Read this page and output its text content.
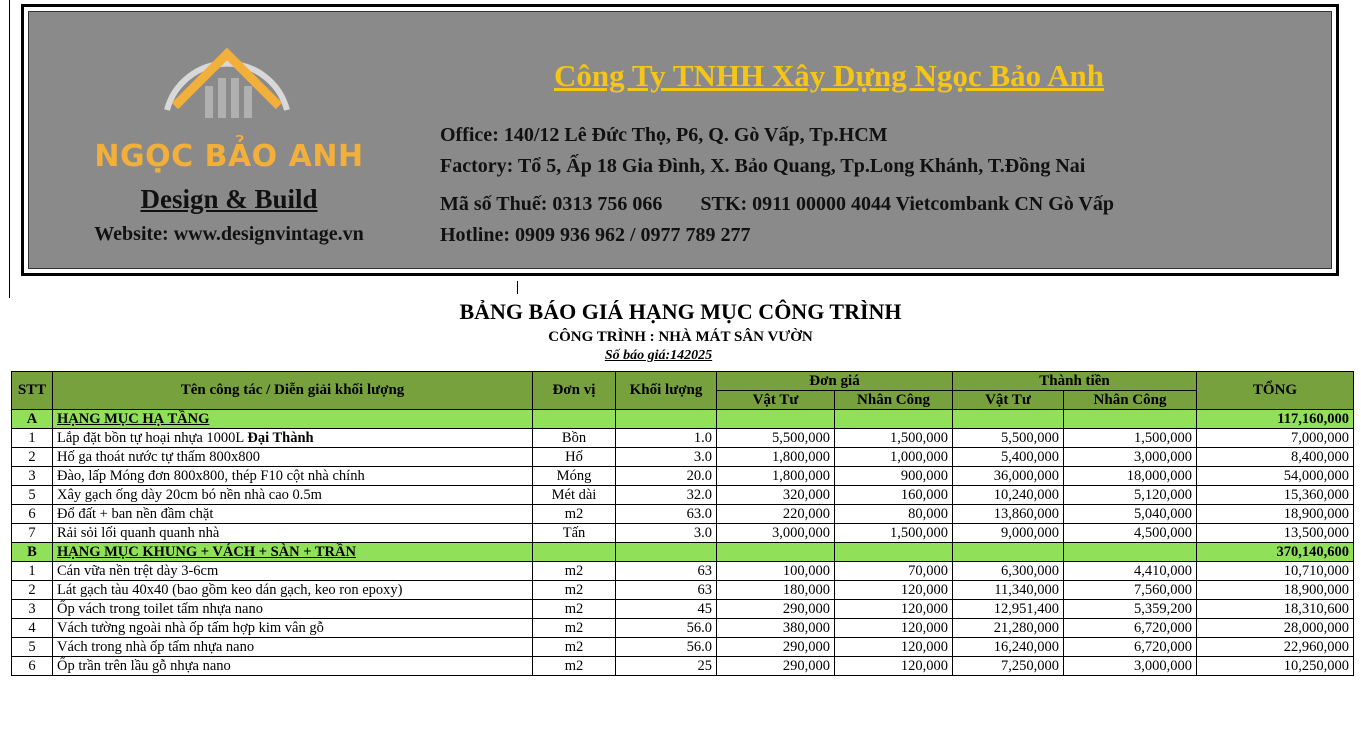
NGỌC BẢO ANH
Design & Build
Website: www.designvintage.vn
Công Ty TNHH Xây Dựng Ngọc Bảo Anh
Office: 140/12 Lê Đức Thọ, P6, Q. Gò Vấp, Tp.HCM
Factory: Tổ 5, Ấp 18 Gia Đình, X. Bảo Quang, Tp.Long Khánh, T.Đồng Nai
Mã số Thuế: 0313 756 066 STK: 0911 00000 4044 Vietcombank CN Gò Vấp
Hotline: 0909 936 962 / 0977 789 277
BẢNG BÁO GIÁ HẠNG MỤC CÔNG TRÌNH
CÔNG TRÌNH : NHÀ MÁT SÂN VƯỜN
Số báo giá:142025
STT	Tên công tác / Diễn giải khối lượng	Đơn vị	Khối lượng	Đơn giá		Thành tiền		TỔNG
				Vật Tư	Nhân Công	Vật Tư	Nhân Công	
A	HẠNG MỤC HẠ TẦNG							117,160,000
1	Lắp đặt bồn tự hoại nhựa 1000L Đại Thành	Bồn	1.0	5,500,000	1,500,000	5,500,000	1,500,000	7,000,000
2	Hố ga thoát nước tự thấm 800x800	Hố	3.0	1,800,000	1,000,000	5,400,000	3,000,000	8,400,000
3	Đào, lấp Móng đơn 800x800, thép F10 cột nhà chính	Móng	20.0	1,800,000	900,000	36,000,000	18,000,000	54,000,000
5	Xây gạch ống dày 20cm bó nền nhà cao 0.5m	Mét dài	32.0	320,000	160,000	10,240,000	5,120,000	15,360,000
6	Đổ đất + ban nền đầm chặt	m2	63.0	220,000	80,000	13,860,000	5,040,000	18,900,000
7	Rải sỏi lối quanh quanh nhà	Tấn	3.0	3,000,000	1,500,000	9,000,000	4,500,000	13,500,000
B	HẠNG MỤC KHUNG + VÁCH + SÀN + TRẦN							370,140,600
1	Cán vữa nền trệt dày 3-6cm	m2	63	100,000	70,000	6,300,000	4,410,000	10,710,000
2	Lát gạch tàu 40x40 (bao gồm keo dán gạch, keo ron epoxy)	m2	63	180,000	120,000	11,340,000	7,560,000	18,900,000
3	Ốp vách trong toilet tấm nhựa nano	m2	45	290,000	120,000	12,951,400	5,359,200	18,310,600
4	Vách tường ngoài nhà ốp tấm hợp kim vân gỗ	m2	56.0	380,000	120,000	21,280,000	6,720,000	28,000,000
5	Vách trong nhà ốp tấm nhựa nano	m2	56.0	290,000	120,000	16,240,000	6,720,000	22,960,000
6	Ốp trần trên lầu gỗ nhựa nano	m2	25	290,000	120,000	7,250,000	3,000,000	10,250,000
